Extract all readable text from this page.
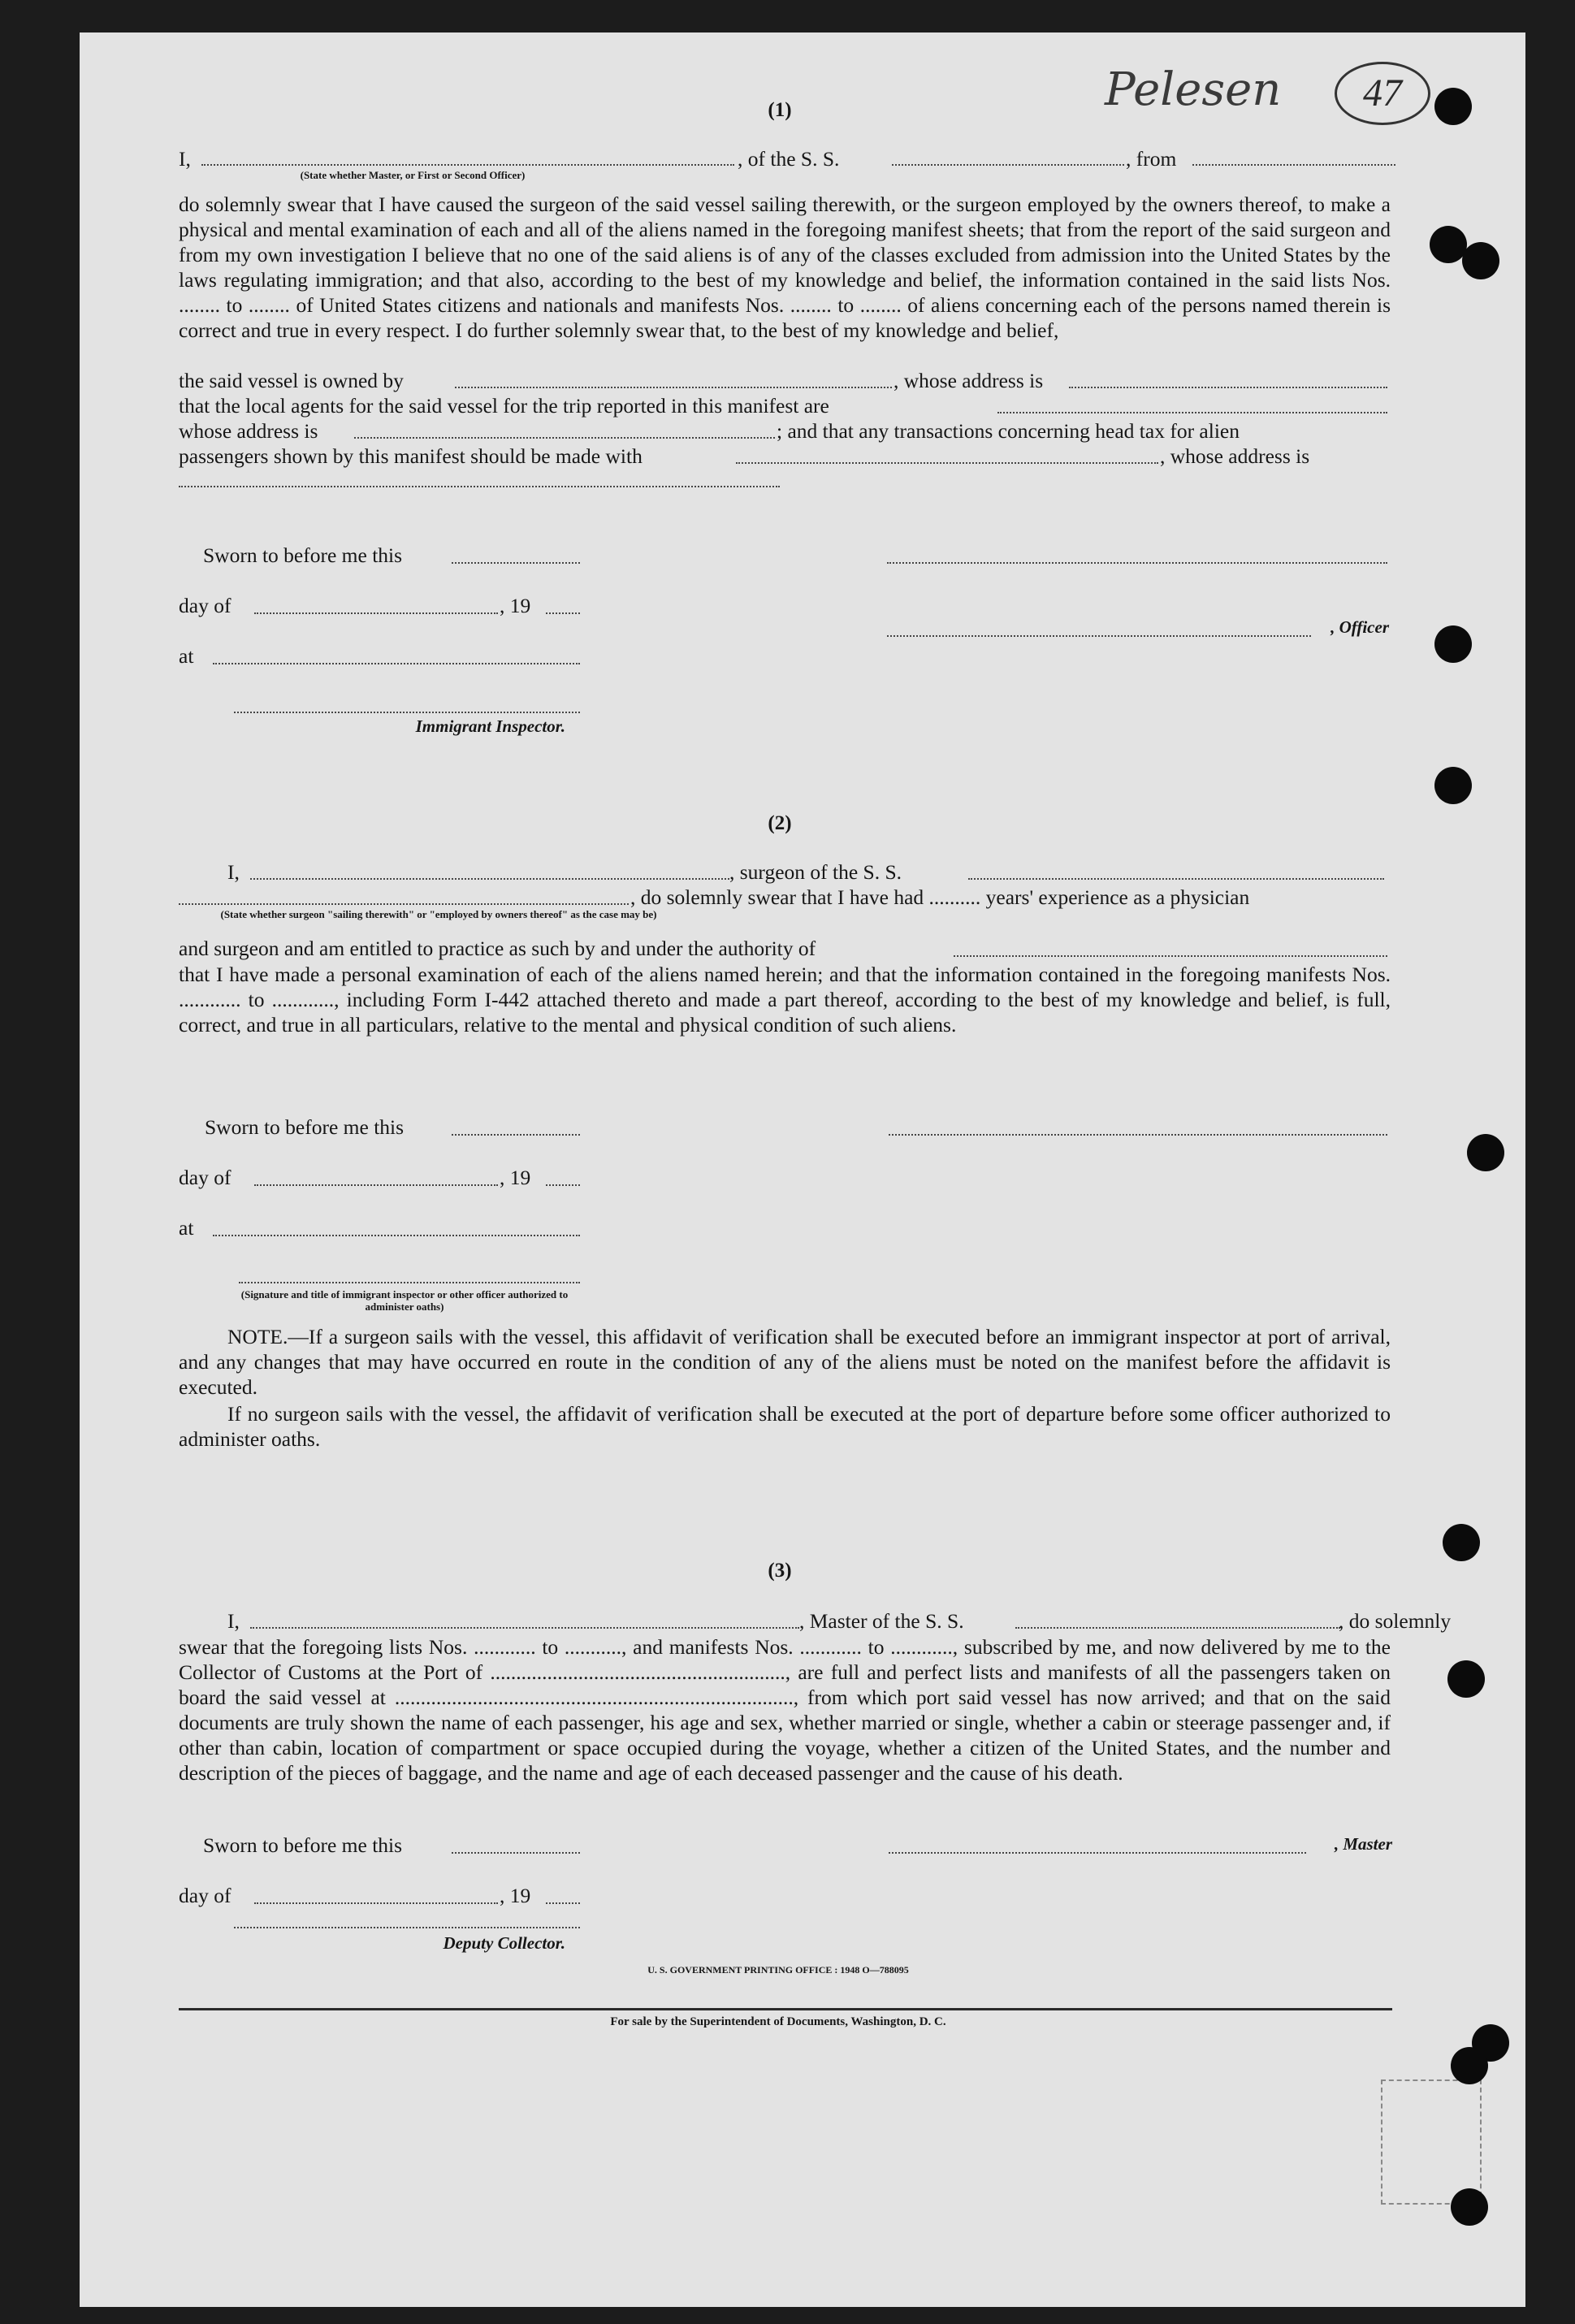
Pelesen	47
(1)
I,	, of the S. S.	, from
(State whether Master, or First or Second Officer)
do solemnly swear that I have caused the surgeon of the said vessel sailing therewith, or the surgeon employed by the owners thereof, to make a physical and mental examination of each and all of the aliens named in the foregoing manifest sheets; that from the report of the said surgeon and from my own investigation I believe that no one of the said aliens is of any of the classes excluded from admission into the United States by the laws regulating immigration; and that also, according to the best of my knowledge and belief, the information contained in the said lists Nos. ........ to ........ of United States citizens and nationals and manifests Nos. ........ to ........ of aliens concerning each of the persons named therein is correct and true in every respect. I do further solemnly swear that, to the best of my knowledge and belief,
the said vessel is owned by	, whose address is
that the local agents for the said vessel for the trip reported in this manifest are
whose address is	; and that any transactions concerning head tax for alien
passengers shown by this manifest should be made with	, whose address is
Sworn to before me this
day of	, 19
, Officer
at
Immigrant Inspector.
(2)
I,	, surgeon of the S. S.
, do solemnly swear that I have had .......... years' experience as a physician
(State whether surgeon "sailing therewith" or "employed by owners thereof" as the case may be)
and surgeon and am entitled to practice as such by and under the authority of
that I have made a personal examination of each of the aliens named herein; and that the information contained in the foregoing manifests Nos. ............ to ............, including Form I-442 attached thereto and made a part thereof, according to the best of my knowledge and belief, is full, correct, and true in all particulars, relative to the mental and physical condition of such aliens.
Sworn to before me this
day of	, 19
at
(Signature and title of immigrant inspector or other officer authorized to administer oaths)
NOTE.—If a surgeon sails with the vessel, this affidavit of verification shall be executed before an immigrant inspector at port of arrival, and any changes that may have occurred en route in the condition of any of the aliens must be noted on the manifest before the affidavit is executed.
If no surgeon sails with the vessel, the affidavit of verification shall be executed at the port of departure before some officer authorized to administer oaths.
(3)
I,	, Master of the S. S.	, do solemnly
swear that the foregoing lists Nos. ............ to ..........., and manifests Nos. ............ to ............, subscribed by me, and now delivered by me to the Collector of Customs at the Port of ........................................................., are full and perfect lists and manifests of all the passengers taken on board the said vessel at ............................................................................., from which port said vessel has now arrived; and that on the said documents are truly shown the name of each passenger, his age and sex, whether married or single, whether a cabin or steerage passenger and, if other than cabin, location of compartment or space occupied during the voyage, whether a citizen of the United States, and the number and description of the pieces of baggage, and the name and age of each deceased passenger and the cause of his death.
Sworn to before me this	, Master
day of	, 19
Deputy Collector.
U. S. GOVERNMENT PRINTING OFFICE : 1948 O—788095
For sale by the Superintendent of Documents, Washington, D. C.
